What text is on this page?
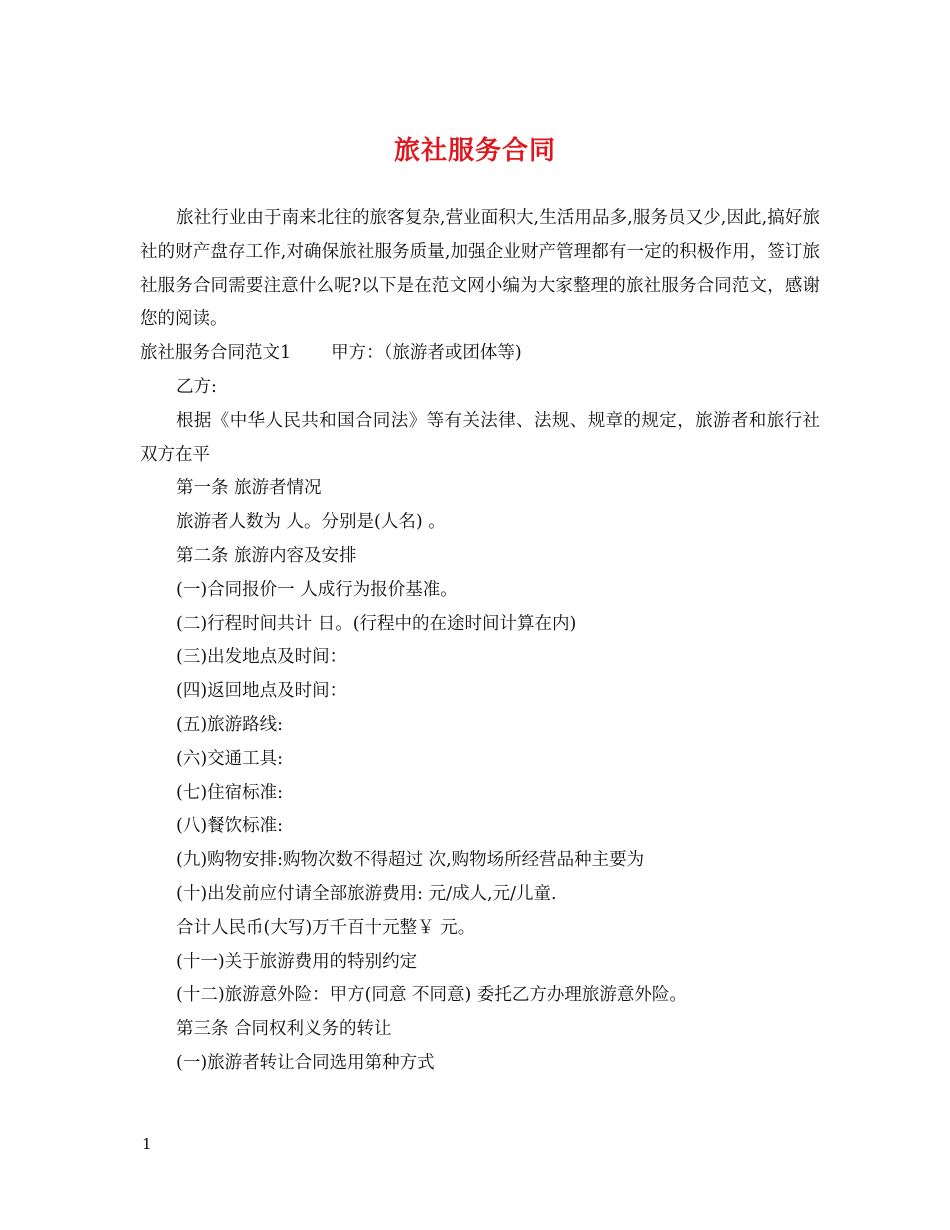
旅社服务合同

旅社行业由于南来北往的旅客复杂,营业面积大,生活用品多,服务员又少,因此,搞好旅社的财产盘存工作,对确保旅社服务质量,加强企业财产管理都有一定的积极作用，签订旅社服务合同需要注意什么呢?以下是在范文网小编为大家整理的旅社服务合同范文，感谢您的阅读。

旅社服务合同范文1 甲方：（旅游者或团体等)

乙方:

根据《中华人民共和国合同法》等有关法律、法规、规章的规定，旅游者和旅行社双方在平

第一条 旅游者情况

旅游者人数为 人。分别是(人名) 。

第二条 旅游内容及安排

(一)合同报价一 人成行为报价基准。

(二)行程时间共计 日。(行程中的在途时间计算在内)

(三)出发地点及时间：

(四)返回地点及时间：

(五)旅游路线:

(六)交通工具:

(七)住宿标准:

(八)餐饮标准:

(九)购物安排:购物次数不得超过 次,购物场所经营品种主要为

(十)出发前应付请全部旅游费用: 元/成人,元/儿童.

合计人民币(大写)万千百十元整￥ 元。

(十一)关于旅游费用的特别约定

(十二)旅游意外险：甲方(同意 不同意) 委托乙方办理旅游意外险。

第三条 合同权利义务的转让

(一)旅游者转让合同选用第种方式

1
